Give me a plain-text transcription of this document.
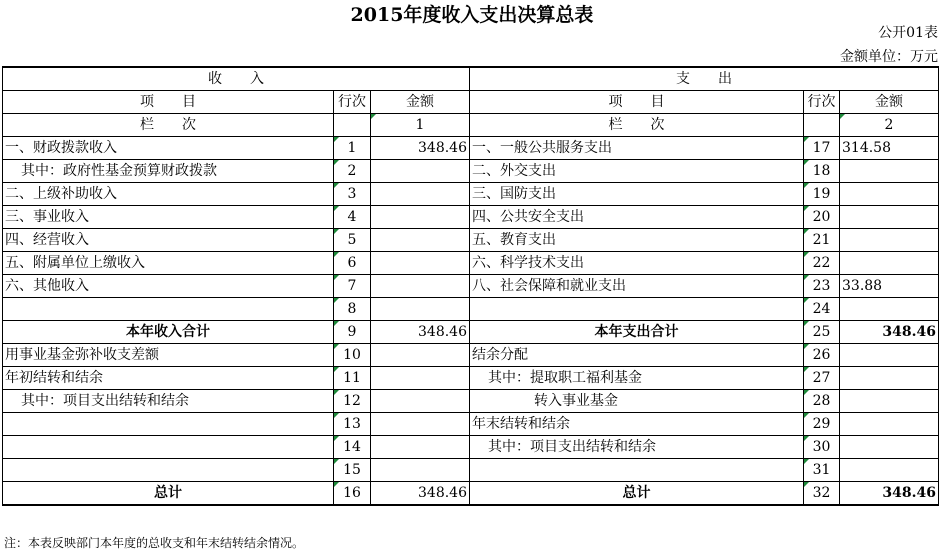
2015年度收入支出决算总表
公开01表
金额单位：万元
收　　入			支　　出		
项　　目	行次	金额	项　　目	行次	金额
栏　　次		1	栏　　次		2
一、财政拨款收入	1	348.46	一、一般公共服务支出	17	314.58
其中：政府性基金预算财政拨款	2		二、外交支出	18	
二、上级补助收入	3		三、国防支出	19	
三、事业收入	4		四、公共安全支出	20	
四、经营收入	5		五、教育支出	21	
五、附属单位上缴收入	6		六、科学技术支出	22	
六、其他收入	7		八、社会保障和就业支出	23	33.88
	8			24	
本年收入合计	9	348.46	本年支出合计	25	348.46
用事业基金弥补收支差额	10		结余分配	26	
年初结转和结余	11		其中：提取职工福利基金	27	
其中：项目支出结转和结余	12		转入事业基金	28	
	13		年末结转和结余	29	
	14		其中：项目支出结转和结余	30	
	15			31	
总计	16	348.46	总计	32	348.46
注：本表反映部门本年度的总收支和年末结转结余情况。
